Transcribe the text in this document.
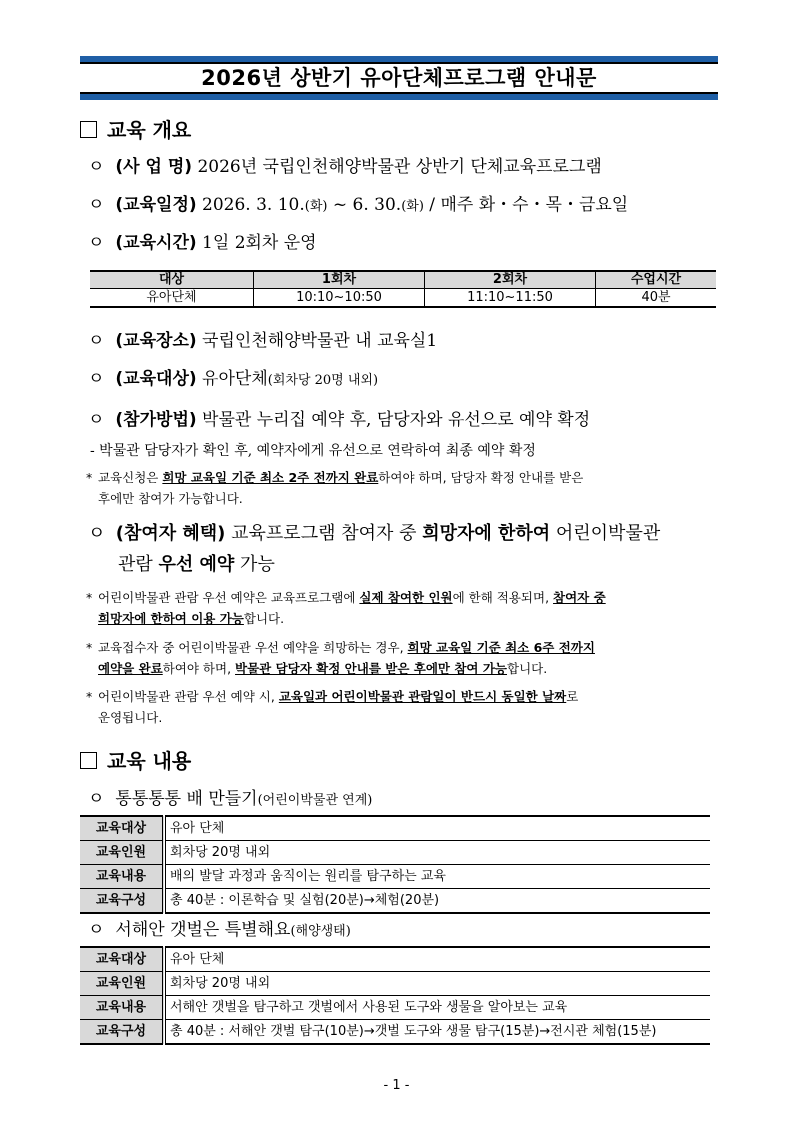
2026년 상반기 유아단체프로그램 안내문
교육 개요
ㅇ (사 업 명) 2026년 국립인천해양박물관 상반기 단체교육프로그램
ㅇ (교육일정) 2026. 3. 10.(화) ~ 6. 30.(화) / 매주 화・수・목・금요일
ㅇ (교육시간) 1일 2회차 운영
대상	1회차	2회차	수업시간
유아단체	10:10~10:50	11:10~11:50	40분
ㅇ (교육장소) 국립인천해양박물관 내 교육실1
ㅇ (교육대상) 유아단체(회차당 20명 내외)
ㅇ (참가방법) 박물관 누리집 예약 후, 담당자와 유선으로 예약 확정
- 박물관 담당자가 확인 후, 예약자에게 유선으로 연락하여 최종 예약 확정
* 교육신청은 희망 교육일 기준 최소 2주 전까지 완료하여야 하며, 담당자 확정 안내를 받은
후에만 참여가 가능합니다.
ㅇ (참여자 혜택) 교육프로그램 참여자 중 희망자에 한하여 어린이박물관
관람 우선 예약 가능
* 어린이박물관 관람 우선 예약은 교육프로그램에 실제 참여한 인원에 한해 적용되며, 참여자 중
희망자에 한하여 이용 가능합니다.
* 교육접수자 중 어린이박물관 우선 예약을 희망하는 경우, 희망 교육일 기준 최소 6주 전까지
예약을 완료하여야 하며, 박물관 담당자 확정 안내를 받은 후에만 참여 가능합니다.
* 어린이박물관 관람 우선 예약 시, 교육일과 어린이박물관 관람일이 반드시 동일한 날짜로
운영됩니다.
교육 내용
ㅇ 통통통통 배 만들기(어린이박물관 연계)
교육대상	유아 단체
교육인원	회차당 20명 내외
교육내용	배의 발달 과정과 움직이는 원리를 탐구하는 교육
교육구성	총 40분 : 이론학습 및 실험(20분)→체험(20분)
ㅇ 서해안 갯벌은 특별해요(해양생태)
교육대상	유아 단체
교육인원	회차당 20명 내외
교육내용	서해안 갯벌을 탐구하고 갯벌에서 사용된 도구와 생물을 알아보는 교육
교육구성	총 40분 : 서해안 갯벌 탐구(10분)→갯벌 도구와 생물 탐구(15분)→전시관 체험(15분)
- 1 -
